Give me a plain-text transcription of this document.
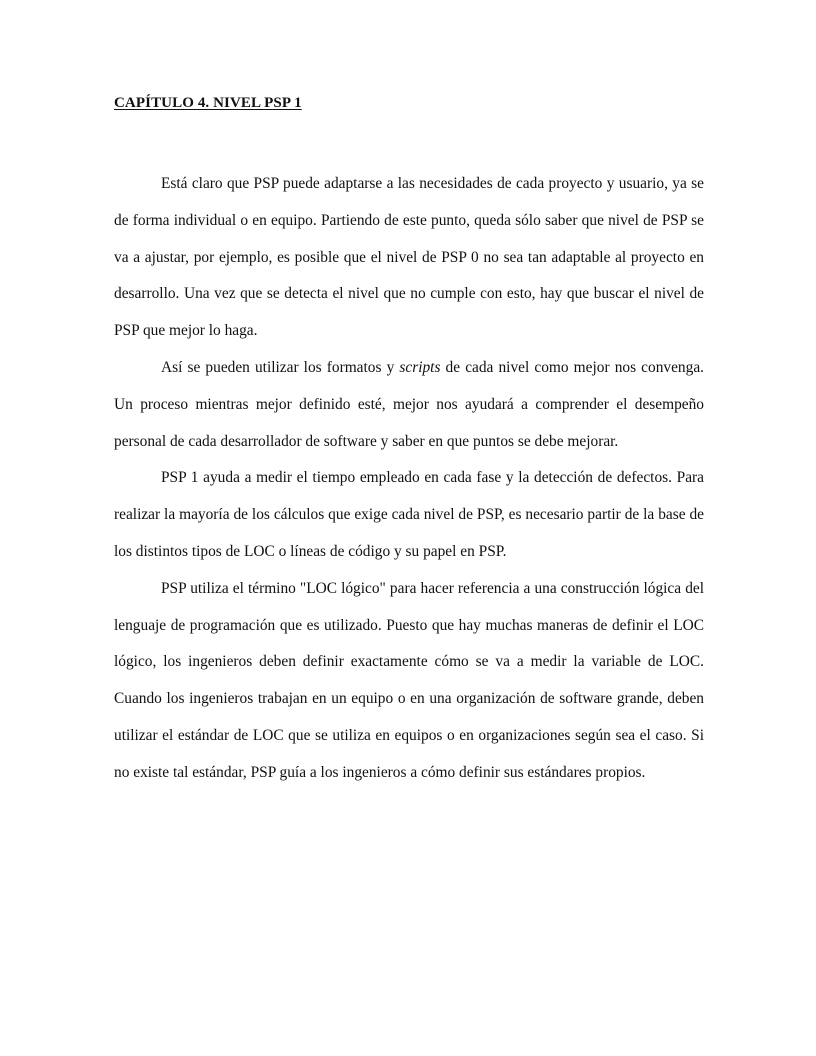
CAPÍTULO 4. NIVEL PSP 1

Está claro que PSP puede adaptarse a las necesidades de cada proyecto y usuario, ya se de forma individual o en equipo. Partiendo de este punto, queda sólo saber que nivel de PSP se va a ajustar, por ejemplo, es posible que el nivel de PSP 0 no sea tan adaptable al proyecto en desarrollo. Una vez que se detecta el nivel que no cumple con esto, hay que buscar el nivel de PSP que mejor lo haga.

Así se pueden utilizar los formatos y scripts de cada nivel como mejor nos convenga. Un proceso mientras mejor definido esté, mejor nos ayudará a comprender el desempeño personal de cada desarrollador de software y saber en que puntos se debe mejorar.

PSP 1 ayuda a medir el tiempo empleado en cada fase y la detección de defectos. Para realizar la mayoría de los cálculos que exige cada nivel de PSP, es necesario partir de la base de los distintos tipos de LOC o líneas de código y su papel en PSP.

PSP utiliza el término "LOC lógico" para hacer referencia a una construcción lógica del lenguaje de programación que es utilizado. Puesto que hay muchas maneras de definir el LOC lógico, los ingenieros deben definir exactamente cómo se va a medir la variable de LOC. Cuando los ingenieros trabajan en un equipo o en una organización de software grande, deben utilizar el estándar de LOC que se utiliza en equipos o en organizaciones según sea el caso. Si no existe tal estándar, PSP guía a los ingenieros a cómo definir sus estándares propios.
